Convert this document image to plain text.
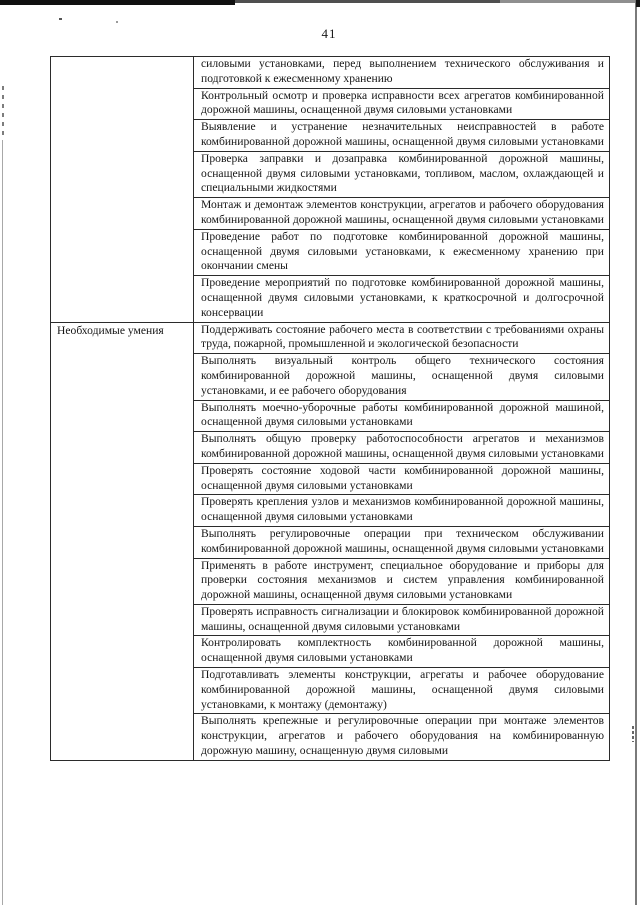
41
силовыми установками, перед выполнением технического обслуживания и подготовкой к ежесменному хранению
Контрольный осмотр и проверка исправности всех агрегатов комбинированной дорожной машины, оснащенной двумя силовыми установками
Выявление и устранение незначительных неисправностей в работе комбинированной дорожной машины, оснащенной двумя силовыми установками
Проверка заправки и дозаправка комбинированной дорожной машины, оснащенной двумя силовыми установками, топливом, маслом, охлаждающей и специальными жидкостями
Монтаж и демонтаж элементов конструкции, агрегатов и рабочего оборудования комбинированной дорожной машины, оснащенной двумя силовыми установками
Проведение работ по подготовке комбинированной дорожной машины, оснащенной двумя силовыми установками, к ежесменному хранению при окончании смены
Проведение мероприятий по подготовке комбинированной дорожной машины, оснащенной двумя силовыми установками, к краткосрочной и долгосрочной консервации
Необходимые умения	Поддерживать состояние рабочего места в соответствии с требованиями охраны труда, пожарной, промышленной и экологической безопасности
Выполнять визуальный контроль общего технического состояния комбинированной дорожной машины, оснащенной двумя силовыми установками, и ее рабочего оборудования
Выполнять моечно-уборочные работы комбинированной дорожной машиной, оснащенной двумя силовыми установками
Выполнять общую проверку работоспособности агрегатов и механизмов комбинированной дорожной машины, оснащенной двумя силовыми установками
Проверять состояние ходовой части комбинированной дорожной машины, оснащенной двумя силовыми установками
Проверять крепления узлов и механизмов комбинированной дорожной машины, оснащенной двумя силовыми установками
Выполнять регулировочные операции при техническом обслуживании комбинированной дорожной машины, оснащенной двумя силовыми установками
Применять в работе инструмент, специальное оборудование и приборы для проверки состояния механизмов и систем управления комбинированной дорожной машины, оснащенной двумя силовыми установками
Проверять исправность сигнализации и блокировок комбинированной дорожной машины, оснащенной двумя силовыми установками
Контролировать комплектность комбинированной дорожной машины, оснащенной двумя силовыми установками
Подготавливать элементы конструкции, агрегаты и рабочее оборудование комбинированной дорожной машины, оснащенной двумя силовыми установками, к монтажу (демонтажу)
Выполнять крепежные и регулировочные операции при монтаже элементов конструкции, агрегатов и рабочего оборудования на комбинированную дорожную машину, оснащенную двумя силовыми
